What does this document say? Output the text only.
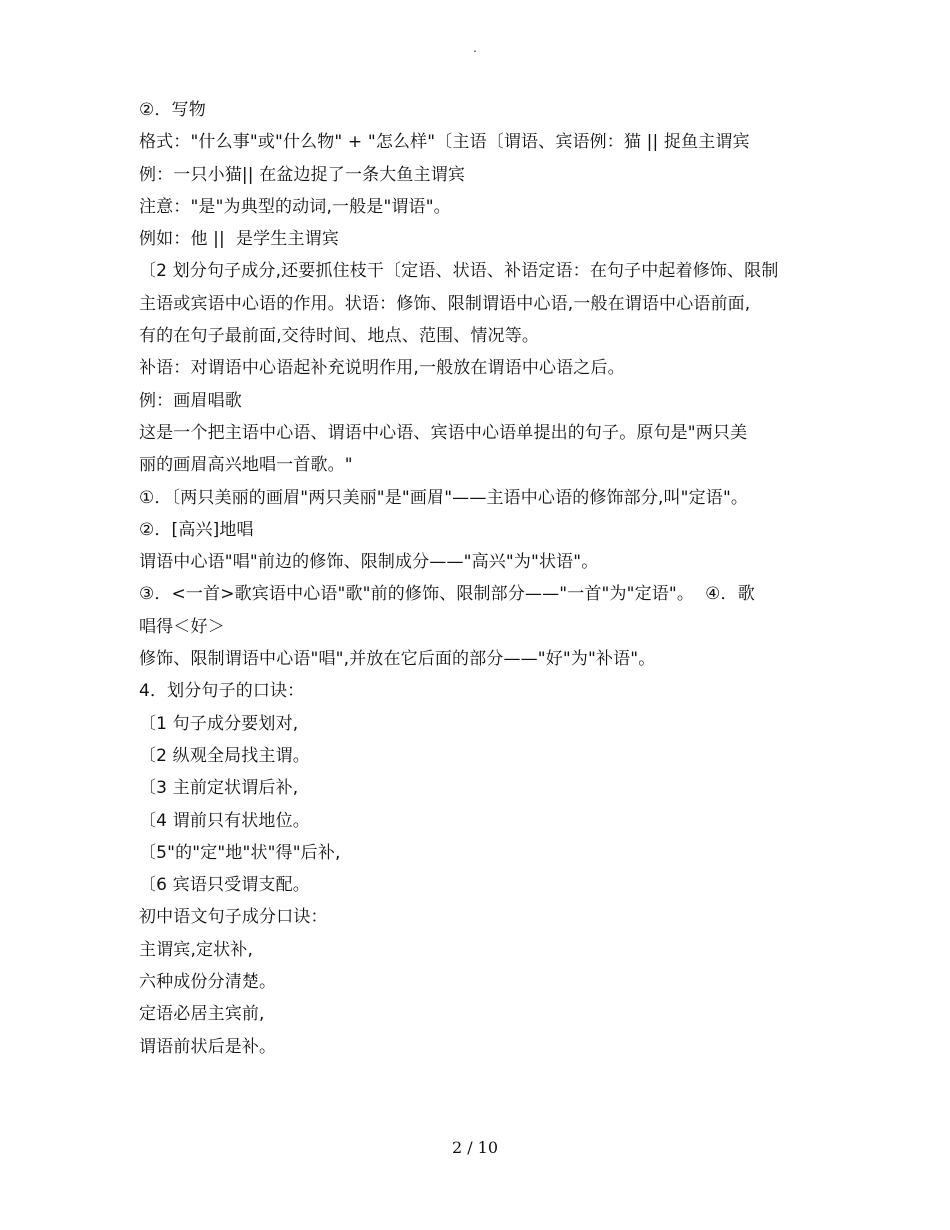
.
②．写物
格式："什么事"或"什么物" + "怎么样"〔主语〔谓语、宾语例：猫 || 捉鱼主谓宾
例：一只小猫|| 在盆边捉了一条大鱼主谓宾
注意："是"为典型的动词,一般是"谓语"。
例如：他 ||  是学生主谓宾
〔2 划分句子成分,还要抓住枝干〔定语、状语、补语定语：在句子中起着修饰、限制
主语或宾语中心语的作用。状语：修饰、限制谓语中心语,一般在谓语中心语前面,
有的在句子最前面,交待时间、地点、范围、情况等。
补语：对谓语中心语起补充说明作用,一般放在谓语中心语之后。
例：画眉唱歌
这是一个把主语中心语、谓语中心语、宾语中心语单提出的句子。原句是"两只美
丽的画眉高兴地唱一首歌。"
①．〔两只美丽的画眉"两只美丽"是"画眉"——主语中心语的修饰部分,叫"定语"。
②．[高兴]地唱
谓语中心语"唱"前边的修饰、限制成分——"高兴"为"状语"。
③．<一首>歌宾语中心语"歌"前的修饰、限制部分——"一首"为"定语"。  ④．歌
唱得＜好＞
修饰、限制谓语中心语"唱",并放在它后面的部分——"好"为"补语"。
4．划分句子的口诀：
〔1 句子成分要划对,
〔2 纵观全局找主谓。
〔3 主前定状谓后补,
〔4 谓前只有状地位。
〔5"的"定"地"状"得"后补,
〔6 宾语只受谓支配。
初中语文句子成分口诀：
主谓宾,定状补,
六种成份分清楚。
定语必居主宾前,
谓语前状后是补。
2 / 10
